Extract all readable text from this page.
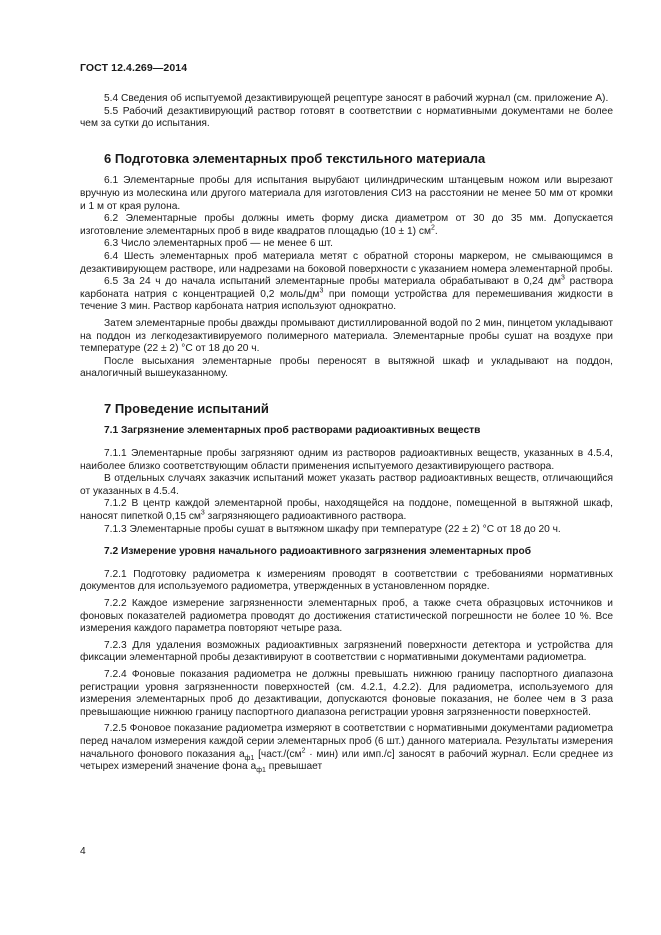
ГОСТ 12.4.269—2014

5.4 Сведения об испытуемой дезактивирующей рецептуре заносят в рабочий журнал (см. приложение А).

5.5 Рабочий дезактивирующий раствор готовят в соответствии с нормативными документами не более чем за сутки до испытания.

6 Подготовка элементарных проб текстильного материала

6.1 Элементарные пробы для испытания вырубают цилиндрическим штанцевым ножом или вырезают вручную из молескина или другого материала для изготовления СИЗ на расстоянии не менее 50 мм от кромки и 1 м от края рулона.

6.2 Элементарные пробы должны иметь форму диска диаметром от 30 до 35 мм. Допускается изготовление элементарных проб в виде квадратов площадью (10 ± 1) $см^2$.

6.3 Число элементарных проб — не менее 6 шт.

6.4 Шесть элементарных проб материала метят с обратной стороны маркером, не смывающимся в дезактивирующем растворе, или надрезами на боковой поверхности с указанием номера элементарной пробы.

6.5 За 24 ч до начала испытаний элементарные пробы материала обрабатывают в 0,24 $дм^3$ раствора карбоната натрия с концентрацией 0,2 моль/$дм^3$ при помощи устройства для перемешивания жидкости в течение 3 мин. Раствор карбоната натрия используют однократно.

Затем элементарные пробы дважды промывают дистиллированной водой по 2 мин, пинцетом укладывают на поддон из легкодезактивируемого полимерного материала. Элементарные пробы сушат на воздухе при температуре (22 ± 2) °С от 18 до 20 ч.

После высыхания элементарные пробы переносят в вытяжной шкаф и укладывают на поддон, аналогичный вышеуказанному.

7 Проведение испытаний
7.1 Загрязнение элементарных проб растворами радиоактивных веществ

7.1.1 Элементарные пробы загрязняют одним из растворов радиоактивных веществ, указанных в 4.5.4, наиболее близко соответствующим области применения испытуемого дезактивирующего раствора.

В отдельных случаях заказчик испытаний может указать раствор радиоактивных веществ, отличающийся от указанных в 4.5.4.

7.1.2 В центр каждой элементарной пробы, находящейся на поддоне, помещенной в вытяжной шкаф, наносят пипеткой 0,15 $см^3$ загрязняющего радиоактивного раствора.

7.1.3 Элементарные пробы сушат в вытяжном шкафу при температуре (22 ± 2) °С от 18 до 20 ч.

7.2 Измерение уровня начального радиоактивного загрязнения элементарных проб

7.2.1 Подготовку радиометра к измерениям проводят в соответствии с требованиями нормативных документов для используемого радиометра, утвержденных в установленном порядке.

7.2.2 Каждое измерение загрязненности элементарных проб, а также счета образцовых источников и фоновых показателей радиометра проводят до достижения статистической погрешности не более 10 %. Все измерения каждого параметра повторяют четыре раза.

7.2.3 Для удаления возможных радиоактивных загрязнений поверхности детектора и устройства для фиксации элементарной пробы дезактивируют в соответствии с нормативными документами радиометра.

7.2.4 Фоновые показания радиометра не должны превышать нижнюю границу паспортного диапазона регистрации уровня загрязненности поверхностей (см. 4.2.1, 4.2.2). Для радиометра, используемого для измерения элементарных проб до дезактивации, допускаются фоновые показания, не более чем в 3 раза превышающие нижнюю границу паспортного диапазона регистрации уровня загрязненности поверхностей.

7.2.5 Фоновое показание радиометра измеряют в соответствии с нормативными документами радиометра перед началом измерения каждой серии элементарных проб (6 шт.) данного материала. Результаты измерения начального фонового показания $a_{ф1}$ [$част./(см^2 \cdot мин)$ или имп./с] заносят в рабочий журнал. Если среднее из четырех измерений значение фона $a_{ф1}$ превышает

4
